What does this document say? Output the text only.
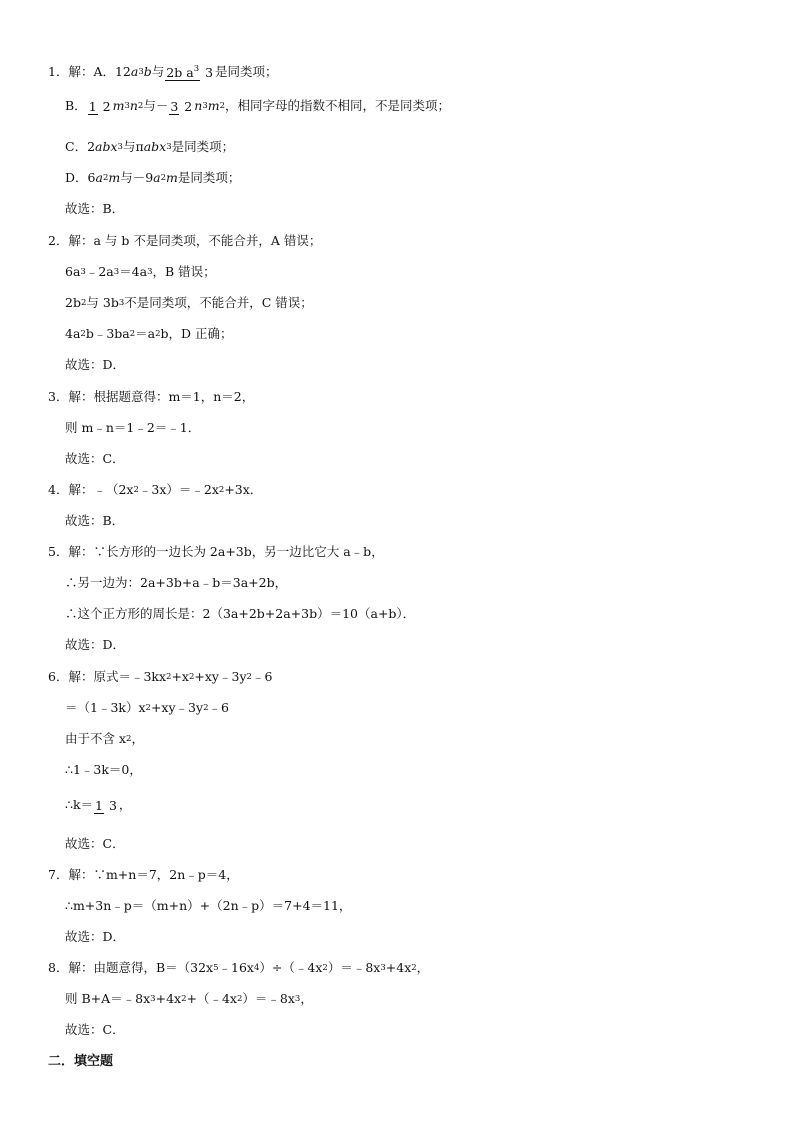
1．解： A．12 a 3 b 与 2b $a^3$ 3 是同类项；
B． 1 2 m 3 n 2 与－ 3 2 n 3 m 2 ，相同字母的指数不相同，不是同类项；
C．2 abx 3 与π abx 3 是同类项；
D．6 a 2 m 与－9 a 2 m 是同类项；
故选：B．
2．解：a 与 b 不是同类项，不能合并，A 错误；
6a 3 ﹣2a 3 ＝4a 3 ，B 错误；
2b 2 与 3b 3 不是同类项，不能合并，C 错误；
4a 2 b﹣3ba 2 ＝a 2 b，D 正确；
故选：D．
3．解：根据题意得：m＝1，n＝2，
则 m﹣n＝1﹣2＝﹣1．
故选：C．
4．解：﹣（2x 2 ﹣3x）＝﹣2x 2 +3x．
故选：B．
5．解：∵长方形的一边长为 2a+3b，另一边比它大 a﹣b，
∴另一边为：2a+3b+a﹣b＝3a+2b，
∴这个正方形的周长是：2（3a+2b+2a+3b）＝10（a+b）．
故选：D．
6．解：原式＝﹣3kx 2 +x 2 +xy﹣3y 2 ﹣6
＝（1﹣3k）x 2 +xy﹣3y 2 ﹣6
由于不含 x 2 ，
∴1﹣3k＝0，
∴k＝ 1 3 ，
故选：C．
7．解：∵m+n＝7，2n﹣p＝4，
∴m+3n﹣p＝（m+n）+（2n﹣p）＝7+4＝11，
故选：D．
8．解：由题意得，B＝（32x 5 ﹣16x 4 ）÷（﹣4x 2 ）＝﹣8x 3 +4x 2 ，
则 B+A＝﹣8x 3 +4x 2 +（﹣4x 2 ）＝﹣8x 3 ，
故选：C．
二．填空题
